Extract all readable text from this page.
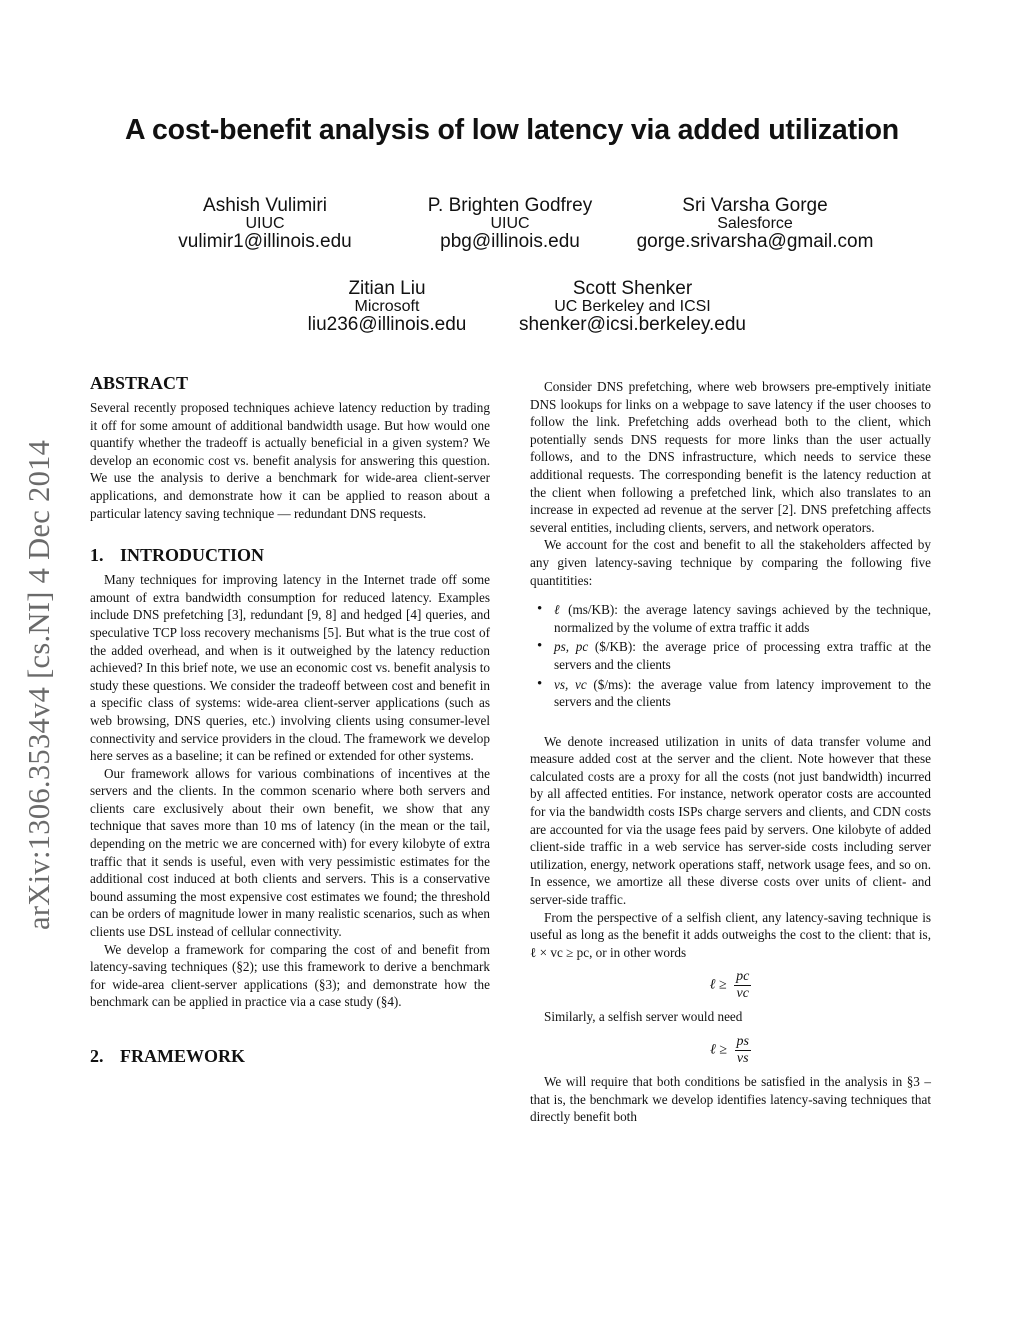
A cost-benefit analysis of low latency via added utilization
Ashish Vulimiri
UIUC
vulimir1@illinois.edu
P. Brighten Godfrey
UIUC
pbg@illinois.edu
Sri Varsha Gorge
Salesforce
gorge.srivarsha@gmail.com
Zitian Liu
Microsoft
liu236@illinois.edu
Scott Shenker
UC Berkeley and ICSI
shenker@icsi.berkeley.edu
arXiv:1306.3534v4 [cs.NI] 4 Dec 2014
ABSTRACT

Several recently proposed techniques achieve latency reduction by trading it off for some amount of additional bandwidth usage. But how would one quantify whether the tradeoff is actually beneficial in a given system? We develop an economic cost vs. benefit analysis for answering this question. We use the analysis to derive a benchmark for wide-area client-server applications, and demonstrate how it can be applied to reason about a particular latency saving technique — redundant DNS requests.

1. INTRODUCTION

Many techniques for improving latency in the Internet trade off some amount of extra bandwidth consumption for reduced latency. Examples include DNS prefetching [3], redundant [9, 8] and hedged [4] queries, and speculative TCP loss recovery mechanisms [5]. But what is the true cost of the added overhead, and when is it outweighed by the latency reduction achieved? In this brief note, we use an economic cost vs. benefit analysis to study these questions. We consider the tradeoff between cost and benefit in a specific class of systems: wide-area client-server applications (such as web browsing, DNS queries, etc.) involving clients using consumer-level connectivity and service providers in the cloud. The framework we develop here serves as a baseline; it can be refined or extended for other systems.

Our framework allows for various combinations of incentives at the servers and the clients. In the common scenario where both servers and clients care exclusively about their own benefit, we show that any technique that saves more than 10 ms of latency (in the mean or the tail, depending on the metric we are concerned with) for every kilobyte of extra traffic that it sends is useful, even with very pessimistic estimates for the additional cost induced at both clients and servers. This is a conservative bound assuming the most expensive cost estimates we found; the threshold can be orders of magnitude lower in many realistic scenarios, such as when clients use DSL instead of cellular connectivity.

We develop a framework for comparing the cost of and benefit from latency-saving techniques (§2); use this framework to derive a benchmark for wide-area client-server applications (§3); and demonstrate how the benchmark can be applied in practice via a case study (§4).

2. FRAMEWORK

Consider DNS prefetching, where web browsers pre-emptively initiate DNS lookups for links on a webpage to save latency if the user chooses to follow the link. Prefetching adds overhead both to the client, which potentially sends DNS requests for more links than the user actually follows, and to the DNS infrastructure, which needs to service these additional requests. The corresponding benefit is the latency reduction at the client when following a prefetched link, which also translates to an increase in expected ad revenue at the server [2]. DNS prefetching affects several entities, including clients, servers, and network operators.

We account for the cost and benefit to all the stakeholders affected by any given latency-saving technique by comparing the following five quantitities:

• ℓ (ms/KB): the average latency savings achieved by the technique, normalized by the volume of extra traffic it adds
• ps, pc ($/KB): the average price of processing extra traffic at the servers and the clients
• vs, vc ($/ms): the average value from latency improvement to the servers and the clients

We denote increased utilization in units of data transfer volume and measure added cost at the server and the client. Note however that these calculated costs are a proxy for all the costs (not just bandwidth) incurred by all affected entities. For instance, network operator costs are accounted for via the bandwidth costs ISPs charge servers and clients, and CDN costs are accounted for via the usage fees paid by servers. One kilobyte of added client-side traffic in a web service has server-side costs including server utilization, energy, network operations staff, network usage fees, and so on. In essence, we amortize all these diverse costs over units of client- and server-side traffic.

From the perspective of a selfish client, any latency-saving technique is useful as long as the benefit it adds outweighs the cost to the client: that is, ℓ × vc ≥ pc, or in other words

ℓ ≥ $\frac{pc}{vc}$

Similarly, a selfish server would need

ℓ ≥ $\frac{ps}{vs}$

We will require that both conditions be satisfied in the analysis in §3 – that is, the benchmark we develop identifies latency-saving techniques that directly benefit both
